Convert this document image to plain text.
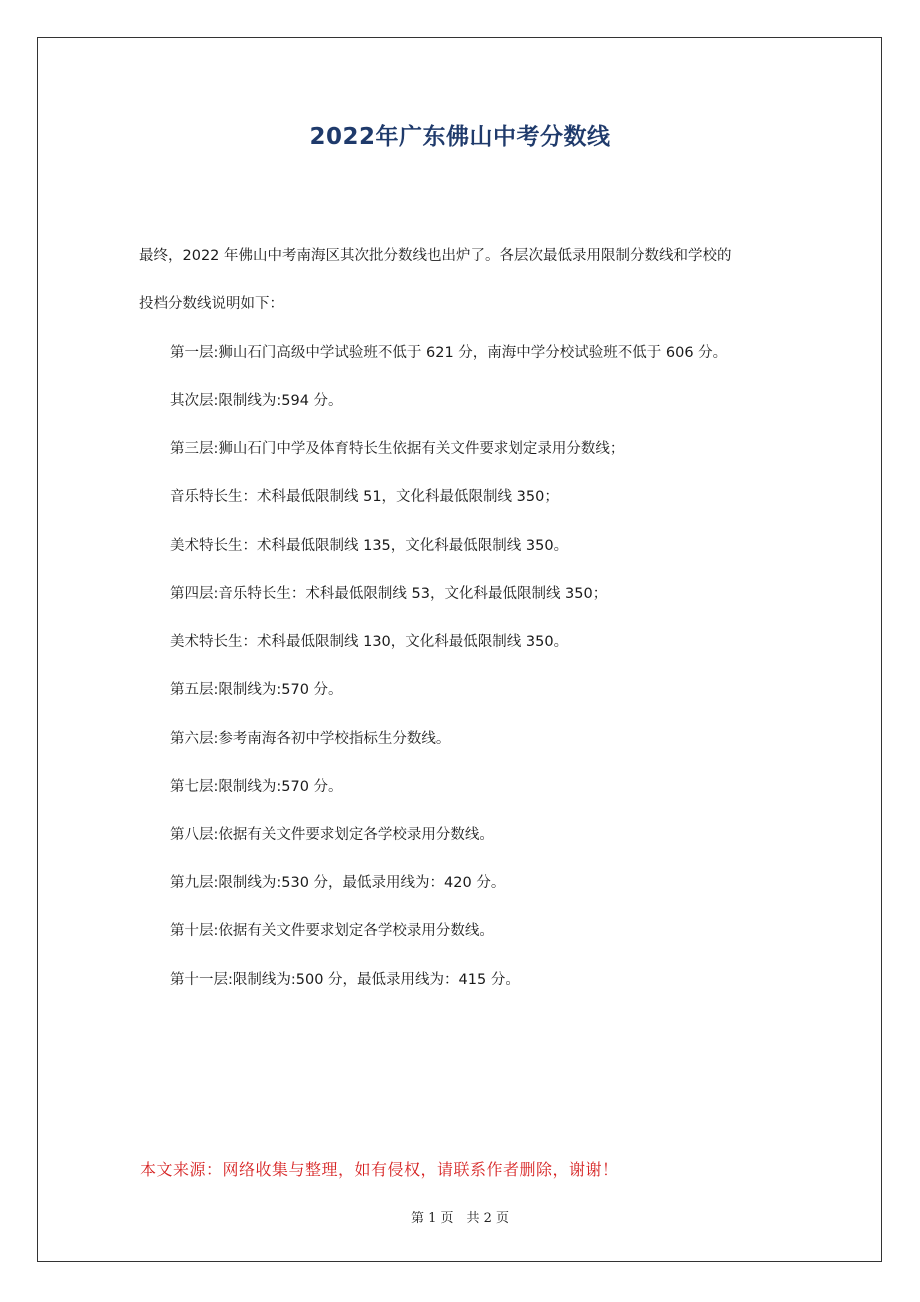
2022年广东佛山中考分数线
最终，2022 年佛山中考南海区其次批分数线也出炉了。各层次最低录用限制分数线和学校的
投档分数线说明如下：
第一层:狮山石门高级中学试验班不低于 621 分，南海中学分校试验班不低于 606 分。
其次层:限制线为:594 分。
第三层:狮山石门中学及体育特长生依据有关文件要求划定录用分数线；
音乐特长生：术科最低限制线 51，文化科最低限制线 350；
美术特长生：术科最低限制线 135，文化科最低限制线 350。
第四层:音乐特长生：术科最低限制线 53，文化科最低限制线 350；
美术特长生：术科最低限制线 130，文化科最低限制线 350。
第五层:限制线为:570 分。
第六层:参考南海各初中学校指标生分数线。
第七层:限制线为:570 分。
第八层:依据有关文件要求划定各学校录用分数线。
第九层:限制线为:530 分，最低录用线为：420 分。
第十层:依据有关文件要求划定各学校录用分数线。
第十一层:限制线为:500 分，最低录用线为：415 分。
本文来源：网络收集与整理，如有侵权，请联系作者删除，谢谢！
第 1 页　共 2 页
